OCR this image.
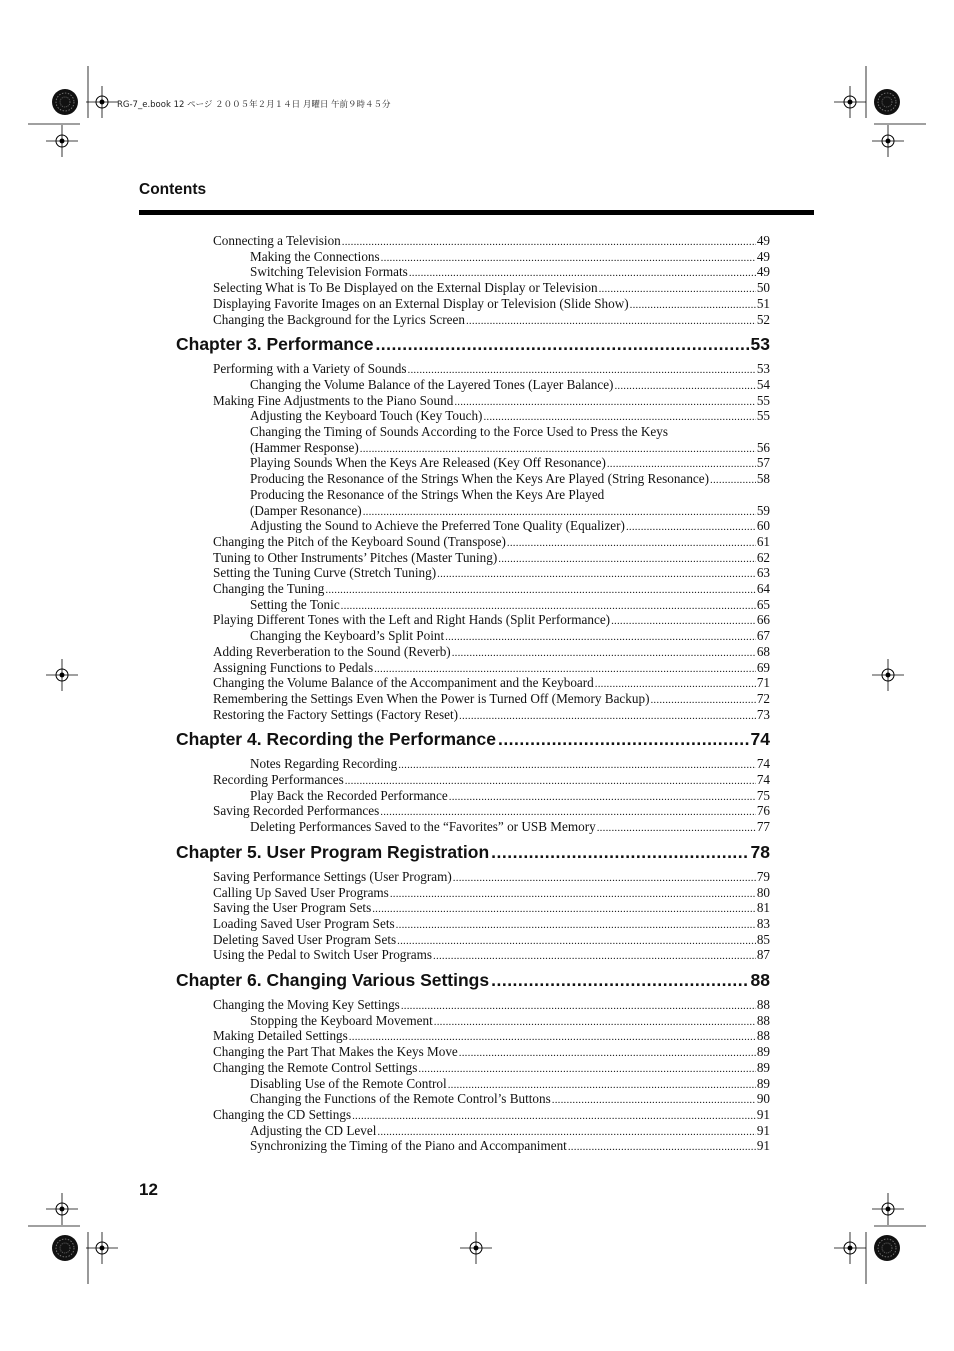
RG-7_e.book 12 ページ ２００５年２月１４日 月曜日 午前９時４５分
Contents
Connecting a Television .....	49
Making the Connections .....	49
Switching Television Formats .....	49
Selecting What is To Be Displayed on the External Display or Television .....	50
Displaying Favorite Images on an External Display or Television (Slide Show) .....	51
Changing the Background for the Lyrics Screen .....	52
Chapter 3. Performance .....	53
Performing with a Variety of Sounds .....	53
Changing the Volume Balance of the Layered Tones (Layer Balance) .....	54
Making Fine Adjustments to the Piano Sound .....	55
Adjusting the Keyboard Touch (Key Touch) .....	55
Changing the Timing of Sounds According to the Force Used to Press the Keys
(Hammer Response) .....	56
Playing Sounds When the Keys Are Released (Key Off Resonance) .....	57
Producing the Resonance of the Strings When the Keys Are Played (String Resonance) .....	58
Producing the Resonance of the Strings When the Keys Are Played
(Damper Resonance) .....	59
Adjusting the Sound to Achieve the Preferred Tone Quality (Equalizer) .....	60
Changing the Pitch of the Keyboard Sound (Transpose) .....	61
Tuning to Other Instruments’ Pitches (Master Tuning) .....	62
Setting the Tuning Curve (Stretch Tuning) .....	63
Changing the Tuning .....	64
Setting the Tonic .....	65
Playing Different Tones with the Left and Right Hands (Split Performance) .....	66
Changing the Keyboard’s Split Point .....	67
Adding Reverberation to the Sound (Reverb) .....	68
Assigning Functions to Pedals .....	69
Changing the Volume Balance of the Accompaniment and the Keyboard .....	71
Remembering the Settings Even When the Power is Turned Off (Memory Backup) .....	72
Restoring the Factory Settings (Factory Reset) .....	73
Chapter 4. Recording the Performance .....	74
Notes Regarding Recording .....	74
Recording Performances .....	74
Play Back the Recorded Performance .....	75
Saving Recorded Performances .....	76
Deleting Performances Saved to the “Favorites” or USB Memory .....	77
Chapter 5. User Program Registration .....	78
Saving Performance Settings (User Program) .....	79
Calling Up Saved User Programs .....	80
Saving the User Program Sets .....	81
Loading Saved User Program Sets .....	83
Deleting Saved User Program Sets .....	85
Using the Pedal to Switch User Programs .....	87
Chapter 6. Changing Various Settings .....	88
Changing the Moving Key Settings .....	88
Stopping the Keyboard Movement .....	88
Making Detailed Settings .....	88
Changing the Part That Makes the Keys Move .....	89
Changing the Remote Control Settings .....	89
Disabling Use of the Remote Control .....	89
Changing the Functions of the Remote Control’s Buttons .....	90
Changing the CD Settings .....	91
Adjusting the CD Level .....	91
Synchronizing the Timing of the Piano and Accompaniment .....	91
12
